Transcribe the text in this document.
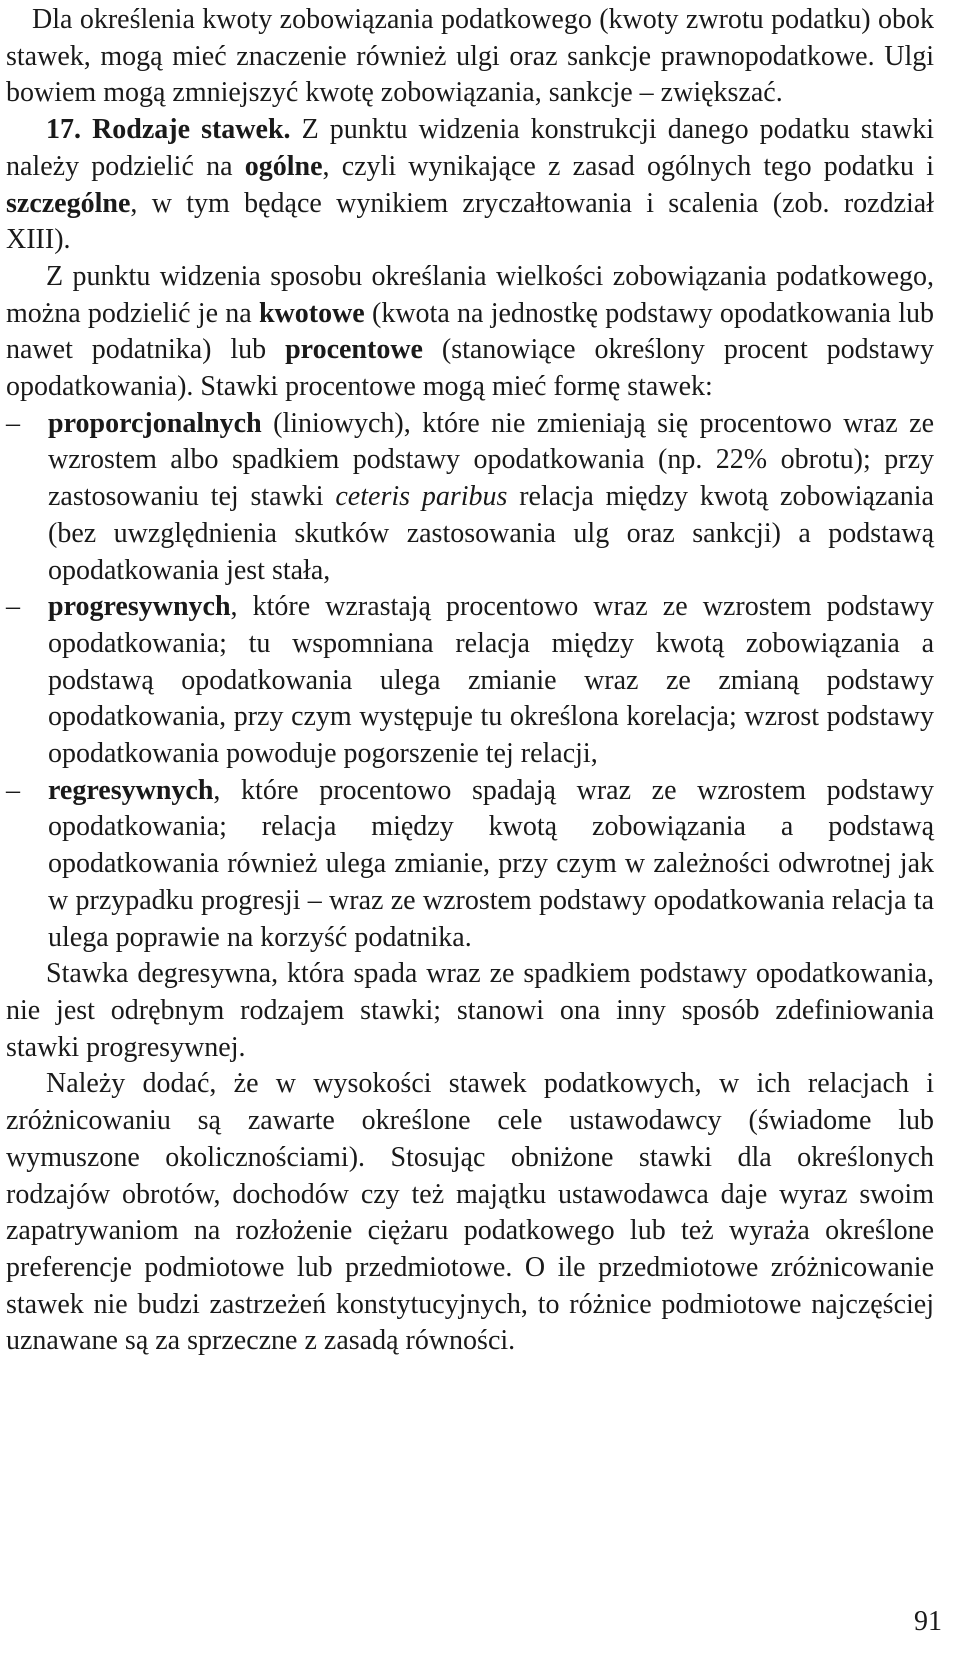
Dla określenia kwoty zobowiązania podatkowego (kwoty zwrotu podatku) obok stawek, mogą mieć znaczenie również ulgi oraz sankcje prawnopodatkowe. Ulgi bowiem mogą zmniejszyć kwotę zobowiązania, sankcje – zwiększać.

17. Rodzaje stawek. Z punktu widzenia konstrukcji danego podatku stawki należy podzielić na ogólne, czyli wynikające z zasad ogólnych tego podatku i szczególne, w tym będące wynikiem zryczałtowania i scalenia (zob. rozdział XIII).

Z punktu widzenia sposobu określania wielkości zobowiązania podatkowego, można podzielić je na kwotowe (kwota na jednostkę podstawy opodatkowania lub nawet podatnika) lub procentowe (stanowiące określony procent podstawy opodatkowania). Stawki procentowe mogą mieć formę stawek:

– proporcjonalnych (liniowych), które nie zmieniają się procentowo wraz ze wzrostem albo spadkiem podstawy opodatkowania (np. 22% obrotu); przy zastosowaniu tej stawki ceteris paribus relacja między kwotą zobowiązania (bez uwzględnienia skutków zastosowania ulg oraz sankcji) a podstawą opodatkowania jest stała,
– progresywnych, które wzrastają procentowo wraz ze wzrostem podstawy opodatkowania; tu wspomniana relacja między kwotą zobowiązania a podstawą opodatkowania ulega zmianie wraz ze zmianą podstawy opodatkowania, przy czym występuje tu określona korelacja; wzrost podstawy opodatkowania powoduje pogorszenie tej relacji,
– regresywnych, które procentowo spadają wraz ze wzrostem podstawy opodatkowania; relacja między kwotą zobowiązania a podstawą opodatkowania również ulega zmianie, przy czym w zależności odwrotnej jak w przypadku progresji – wraz ze wzrostem podstawy opodatkowania relacja ta ulega poprawie na korzyść podatnika.

Stawka degresywna, która spada wraz ze spadkiem podstawy opodatkowania, nie jest odrębnym rodzajem stawki; stanowi ona inny sposób zdefiniowania stawki progresywnej.

Należy dodać, że w wysokości stawek podatkowych, w ich relacjach i zróżnicowaniu są zawarte określone cele ustawodawcy (świadome lub wymuszone okolicznościami). Stosując obniżone stawki dla określonych rodzajów obrotów, dochodów czy też majątku ustawodawca daje wyraz swoim zapatrywaniom na rozłożenie ciężaru podatkowego lub też wyraża określone preferencje podmiotowe lub przedmiotowe. O ile przedmiotowe zróżnicowanie stawek nie budzi zastrzeżeń konstytucyjnych, to różnice podmiotowe najczęściej uznawane są za sprzeczne z zasadą równości.

91
